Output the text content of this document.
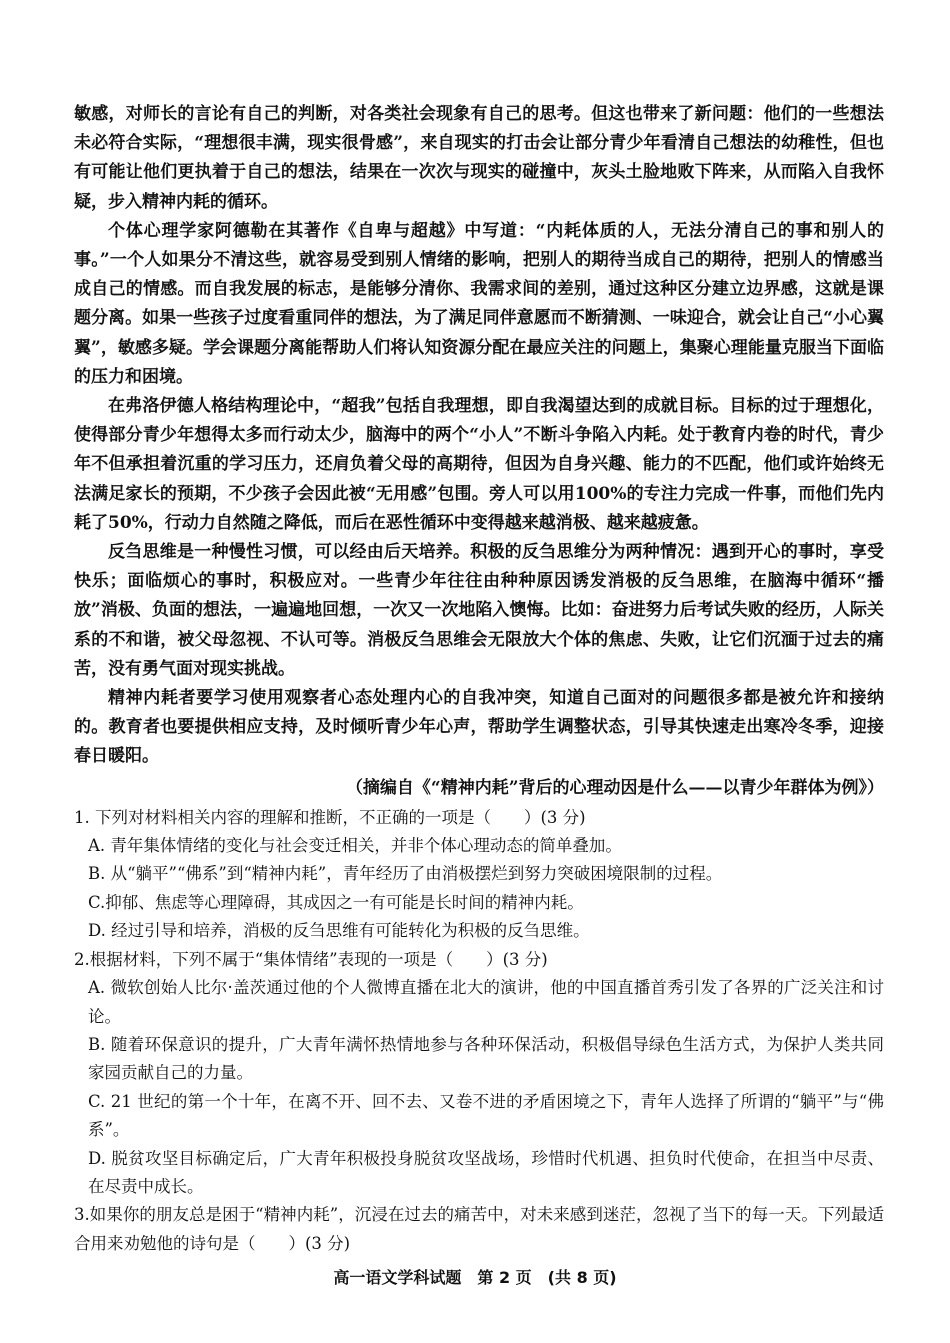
敏感，对师长的言论有自己的判断，对各类社会现象有自己的思考。但这也带来了新问题：他们的一些想法未必符合实际，“理想很丰满，现实很骨感”，来自现实的打击会让部分青少年看清自己想法的幼稚性，但也有可能让他们更执着于自己的想法，结果在一次次与现实的碰撞中，灰头土脸地败下阵来，从而陷入自我怀疑，步入精神内耗的循环。

个体心理学家阿德勒在其著作《自卑与超越》中写道：“内耗体质的人，无法分清自己的事和别人的事。”一个人如果分不清这些，就容易受到别人情绪的影响，把别人的期待当成自己的期待，把别人的情感当成自己的情感。而自我发展的标志，是能够分清你、我需求间的差别，通过这种区分建立边界感，这就是课题分离。如果一些孩子过度看重同伴的想法，为了满足同伴意愿而不断猜测、一味迎合，就会让自己“小心翼翼”，敏感多疑。学会课题分离能帮助人们将认知资源分配在最应关注的问题上，集聚心理能量克服当下面临的压力和困境。

在弗洛伊德人格结构理论中，“超我”包括自我理想，即自我渴望达到的成就目标。目标的过于理想化，使得部分青少年想得太多而行动太少，脑海中的两个“小人”不断斗争陷入内耗。处于教育内卷的时代，青少年不但承担着沉重的学习压力，还肩负着父母的高期待，但因为自身兴趣、能力的不匹配，他们或许始终无法满足家长的预期，不少孩子会因此被“无用感”包围。旁人可以用100%的专注力完成一件事，而他们先内耗了50%，行动力自然随之降低，而后在恶性循环中变得越来越消极、越来越疲惫。

反刍思维是一种慢性习惯，可以经由后天培养。积极的反刍思维分为两种情况：遇到开心的事时，享受快乐；面临烦心的事时，积极应对。一些青少年往往由种种原因诱发消极的反刍思维，在脑海中循环“播放”消极、负面的想法，一遍遍地回想，一次又一次地陷入懊悔。比如：奋进努力后考试失败的经历，人际关系的不和谐，被父母忽视、不认可等。消极反刍思维会无限放大个体的焦虑、失败，让它们沉湎于过去的痛苦，没有勇气面对现实挑战。

精神内耗者要学习使用观察者心态处理内心的自我冲突，知道自己面对的问题很多都是被允许和接纳的。教育者也要提供相应支持，及时倾听青少年心声，帮助学生调整状态，引导其快速走出寒冷冬季，迎接春日暖阳。

（摘编自《“精神内耗”背后的心理动因是什么——以青少年群体为例》）

1. 下列对材料相关内容的理解和推断，不正确的一项是（　　）(3 分)

A. 青年集体情绪的变化与社会变迁相关，并非个体心理动态的简单叠加。

B. 从“躺平”“佛系”到“精神内耗”，青年经历了由消极摆烂到努力突破困境限制的过程。

C.抑郁、焦虑等心理障碍，其成因之一有可能是长时间的精神内耗。

D. 经过引导和培养，消极的反刍思维有可能转化为积极的反刍思维。

2.根据材料，下列不属于“集体情绪”表现的一项是（　　）(3 分)

A. 微软创始人比尔·盖茨通过他的个人微博直播在北大的演讲，他的中国直播首秀引发了各界的广泛关注和讨论。

B. 随着环保意识的提升，广大青年满怀热情地参与各种环保活动，积极倡导绿色生活方式，为保护人类共同家园贡献自己的力量。

C. 21 世纪的第一个十年，在离不开、回不去、又卷不进的矛盾困境之下，青年人选择了所谓的“躺平”与“佛系”。

D. 脱贫攻坚目标确定后，广大青年积极投身脱贫攻坚战场，珍惜时代机遇、担负时代使命，在担当中尽责、在尽责中成长。

3.如果你的朋友总是困于“精神内耗”，沉浸在过去的痛苦中，对未来感到迷茫，忽视了当下的每一天。下列最适合用来劝勉他的诗句是（　　）(3 分)

高一语文学科试题　第 2 页　(共 8 页)
